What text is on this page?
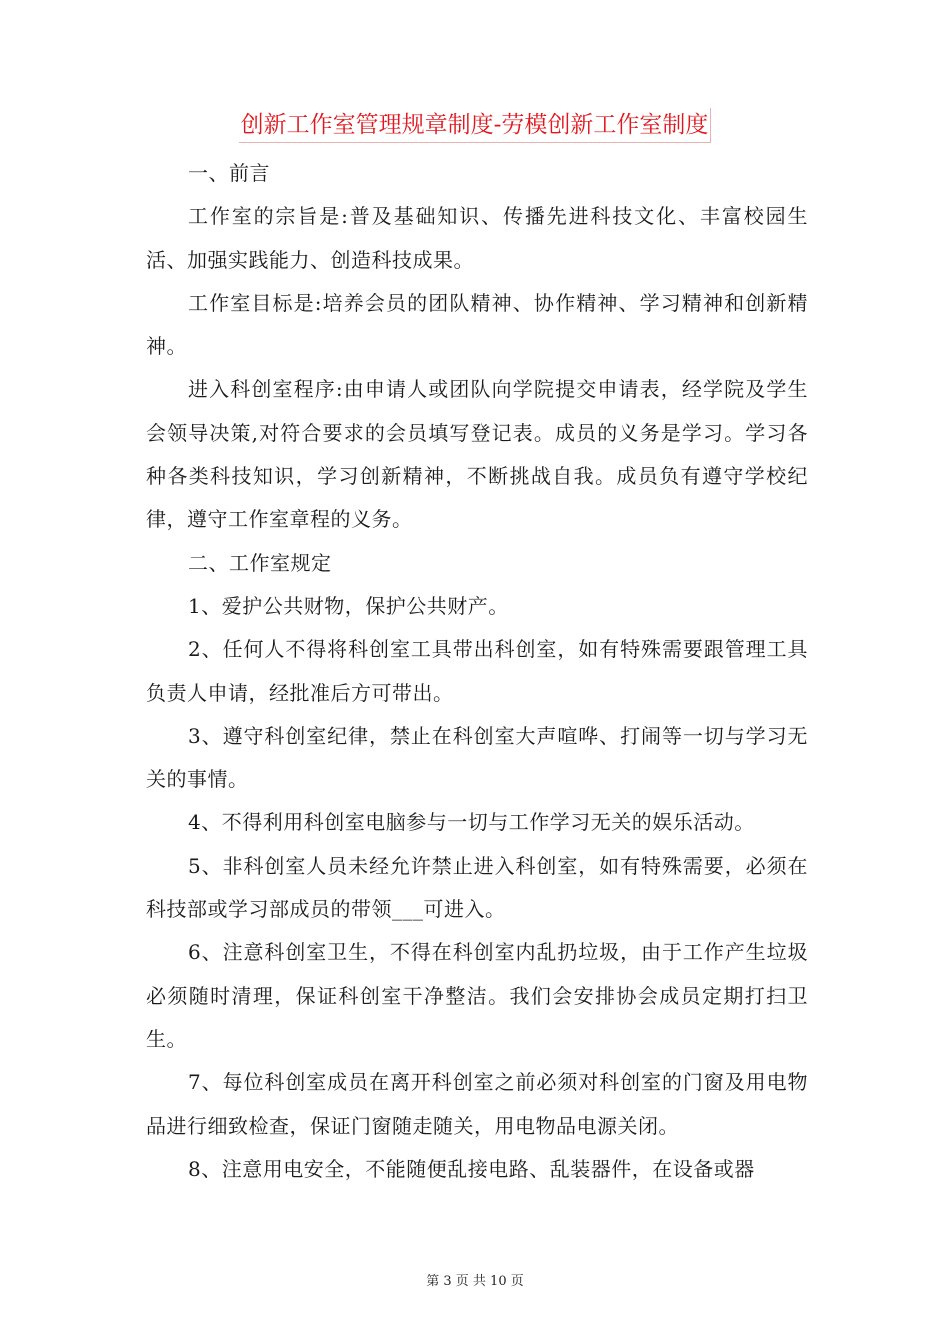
创新工作室管理规章制度-劳模创新工作室制度

一、前言

工作室的宗旨是:普及基础知识、传播先进科技文化、丰富校园生活、加强实践能力、创造科技成果。

工作室目标是:培养会员的团队精神、协作精神、学习精神和创新精神。

进入科创室程序:由申请人或团队向学院提交申请表，经学院及学生会领导决策,对符合要求的会员填写登记表。成员的义务是学习。学习各种各类科技知识，学习创新精神，不断挑战自我。成员负有遵守学校纪律，遵守工作室章程的义务。

二、工作室规定

1、爱护公共财物，保护公共财产。

2、任何人不得将科创室工具带出科创室，如有特殊需要跟管理工具负责人申请，经批准后方可带出。

3、遵守科创室纪律，禁止在科创室大声喧哗、打闹等一切与学习无关的事情。

4、不得利用科创室电脑参与一切与工作学习无关的娱乐活动。

5、非科创室人员未经允许禁止进入科创室，如有特殊需要，必须在科技部或学习部成员的带领___可进入。

6、注意科创室卫生，不得在科创室内乱扔垃圾，由于工作产生垃圾必须随时清理，保证科创室干净整洁。我们会安排协会成员定期打扫卫生。

7、每位科创室成员在离开科创室之前必须对科创室的门窗及用电物品进行细致检查，保证门窗随走随关，用电物品电源关闭。

8、注意用电安全，不能随便乱接电路、乱装器件，在设备或器

第 3 页 共 10 页
